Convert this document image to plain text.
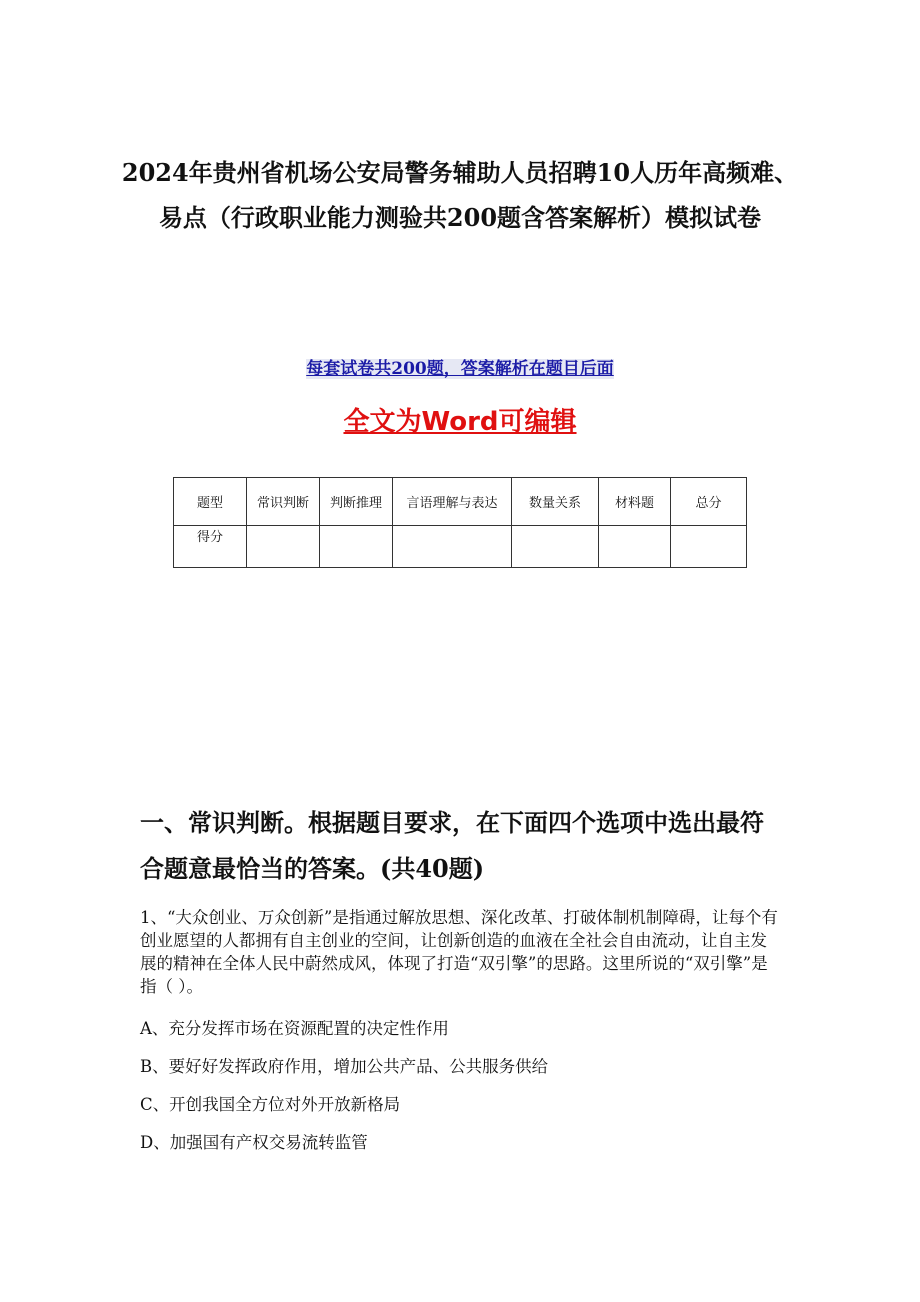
2024年贵州省机场公安局警务辅助人员招聘10人历年高频难、易点（行政职业能力测验共200题含答案解析）模拟试卷
每套试卷共200题，答案解析在题目后面
全文为Word可编辑
题型	常识判断	判断推理	言语理解与表达	数量关系	材料题	总分
得分						
一、常识判断。根据题目要求，在下面四个选项中选出最符合题意最恰当的答案。(共40题)
1、“大众创业、万众创新”是指通过解放思想、深化改革、打破体制机制障碍，让每个有创业愿望的人都拥有自主创业的空间，让创新创造的血液在全社会自由流动，让自主发展的精神在全体人民中蔚然成风，体现了打造“双引擎”的思路。这里所说的“双引擎”是指（ ）。
A、充分发挥市场在资源配置的决定性作用
B、要好好发挥政府作用，增加公共产品、公共服务供给
C、开创我国全方位对外开放新格局
D、加强国有产权交易流转监管
